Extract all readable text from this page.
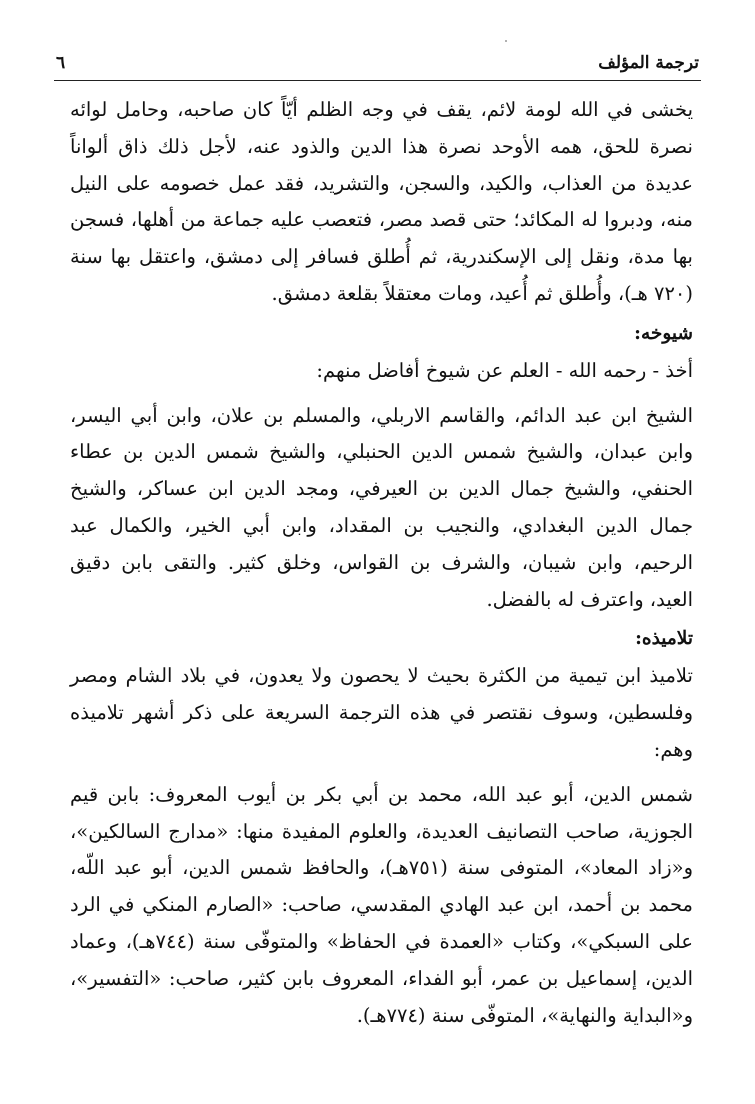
ترجمة المؤلف
٦

يخشى في الله لومة لائم، يقف في وجه الظلم أيّاً كان صاحبه، وحامل لوائه نصرة للحق، همه الأوحد نصرة هذا الدين والذود عنه، لأجل ذلك ذاق ألواناً عديدة من العذاب، والكيد، والسجن، والتشريد، فقد عمل خصومه على النيل منه، ودبروا له المكائد؛ حتى قصد مصر، فتعصب عليه جماعة من أهلها، فسجن بها مدة، ونقل إلى الإسكندرية، ثم أُطلق فسافر إلى دمشق، واعتقل بها سنة (٧٢٠ هـ)، وأُطلق ثم أُعيد، ومات معتقلاً بقلعة دمشق.

شيوخه:

أخذ - رحمه الله - العلم عن شيوخ أفاضل منهم:

الشيخ ابن عبد الدائم، والقاسم الاربلي، والمسلم بن علان، وابن أبي اليسر، وابن عبدان، والشيخ شمس الدين الحنبلي، والشيخ شمس الدين بن عطاء الحنفي، والشيخ جمال الدين بن العيرفي، ومجد الدين ابن عساكر، والشيخ جمال الدين البغدادي، والنجيب بن المقداد، وابن أبي الخير، والكمال عبد الرحيم، وابن شيبان، والشرف بن القواس، وخلق كثير. والتقى بابن دقيق العيد، واعترف له بالفضل.

تلاميذه:

تلاميذ ابن تيمية من الكثرة بحيث لا يحصون ولا يعدون، في بلاد الشام ومصر وفلسطين، وسوف نقتصر في هذه الترجمة السريعة على ذكر أشهر تلاميذه وهم:

شمس الدين، أبو عبد الله، محمد بن أبي بكر بن أيوب المعروف: بابن قيم الجوزية، صاحب التصانيف العديدة، والعلوم المفيدة منها: «مدارج السالكين»، و«زاد المعاد»، المتوفى سنة (٧٥١هـ)، والحافظ شمس الدين، أبو عبد اللّه، محمد بن أحمد، ابن عبد الهادي المقدسي، صاحب: «الصارم المنكي في الرد على السبكي»، وكتاب «العمدة في الحفاظ» والمتوفّى سنة (٧٤٤هـ)، وعماد الدين، إسماعيل بن عمر، أبو الفداء، المعروف بابن كثير، صاحب: «التفسير»، و«البداية والنهاية»، المتوفّى سنة (٧٧٤هـ).
